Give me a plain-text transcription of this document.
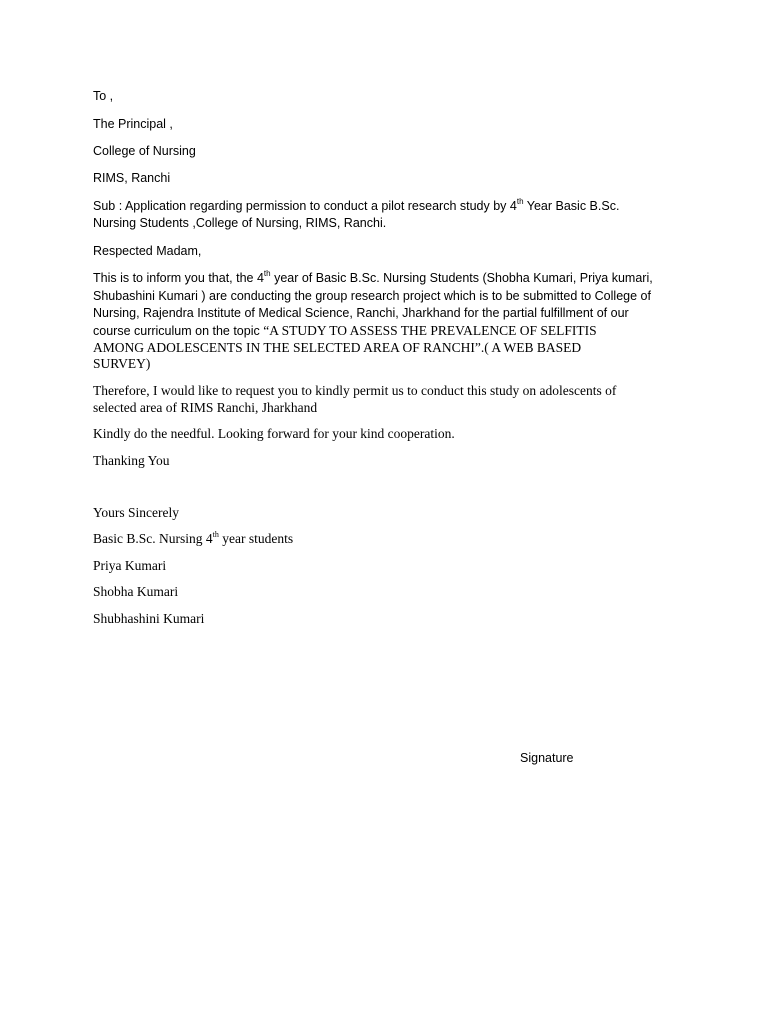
To ,
The Principal ,
College of Nursing
RIMS, Ranchi
Sub : Application regarding permission to conduct a pilot research study by 4th Year Basic B.Sc.
Nursing Students ,College of Nursing, RIMS, Ranchi.
Respected Madam,
This is to inform you that, the 4th year of Basic B.Sc. Nursing Students (Shobha Kumari, Priya kumari,
Shubashini Kumari ) are conducting the group research project which is to be submitted to College of
Nursing, Rajendra Institute of Medical Science, Ranchi, Jharkhand for the partial fulfillment of our
course curriculum on the topic “A STUDY TO ASSESS THE PREVALENCE OF SELFITIS
AMONG ADOLESCENTS IN THE SELECTED AREA OF RANCHI”.( A WEB BASED
SURVEY)
Therefore, I would like to request you to kindly permit us to conduct this study on adolescents of
selected area of RIMS Ranchi, Jharkhand
Kindly do the needful. Looking forward for your kind cooperation.
Thanking You
Yours Sincerely
Basic B.Sc. Nursing 4th year students
Priya Kumari
Shobha Kumari
Shubhashini Kumari
Signature
